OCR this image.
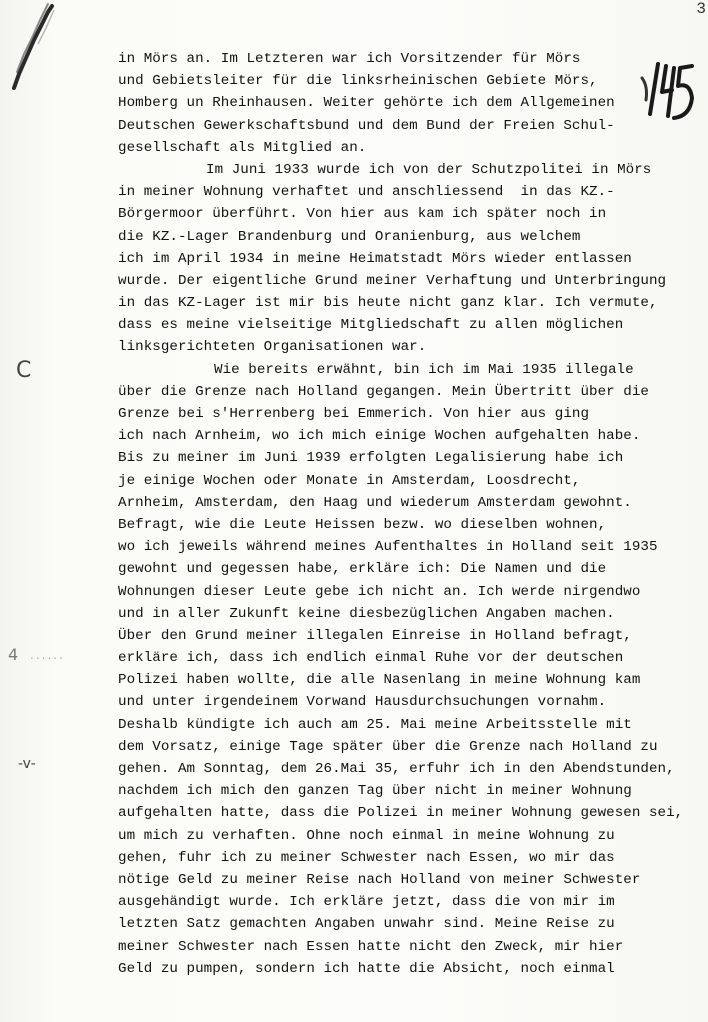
3
C
4 ......
-v-
in Mörs an. Im Letzteren war ich Vorsitzender für Mörs
und Gebietsleiter für die linksrheinischen Gebiete Mörs,
Homberg un Rheinhausen. Weiter gehörte ich dem Allgemeinen
Deutschen Gewerkschaftsbund und dem Bund der Freien Schul-
gesellschaft als Mitglied an.
Im Juni 1933 wurde ich von der Schutzpolitei in Mörs
in meiner Wohnung verhaftet und anschliessend  in das KZ.-
Börgermoor überführt. Von hier aus kam ich später noch in
die KZ.-Lager Brandenburg und Oranienburg, aus welchem
ich im April 1934 in meine Heimatstadt Mörs wieder entlassen
wurde. Der eigentliche Grund meiner Verhaftung und Unterbringung
in das KZ-Lager ist mir bis heute nicht ganz klar. Ich vermute,
dass es meine vielseitige Mitgliedschaft zu allen möglichen
linksgerichteten Organisationen war.
Wie bereits erwähnt, bin ich im Mai 1935 illegale
über die Grenze nach Holland gegangen. Mein Übertritt über die
Grenze bei s'Herrenberg bei Emmerich. Von hier aus ging
ich nach Arnheim, wo ich mich einige Wochen aufgehalten habe.
Bis zu meiner im Juni 1939 erfolgten Legalisierung habe ich
je einige Wochen oder Monate in Amsterdam, Loosdrecht,
Arnheim, Amsterdam, den Haag und wiederum Amsterdam gewohnt.
Befragt, wie die Leute Heissen bezw. wo dieselben wohnen,
wo ich jeweils während meines Aufenthaltes in Holland seit 1935
gewohnt und gegessen habe, erkläre ich: Die Namen und die
Wohnungen dieser Leute gebe ich nicht an. Ich werde nirgendwo
und in aller Zukunft keine diesbezüglichen Angaben machen.
Über den Grund meiner illegalen Einreise in Holland befragt,
erkläre ich, dass ich endlich einmal Ruhe vor der deutschen
Polizei haben wollte, die alle Nasenlang in meine Wohnung kam
und unter irgendeinem Vorwand Hausdurchsuchungen vornahm.
Deshalb kündigte ich auch am 25. Mai meine Arbeitsstelle mit
dem Vorsatz, einige Tage später über die Grenze nach Holland zu
gehen. Am Sonntag, dem 26.Mai 35, erfuhr ich in den Abendstunden,
nachdem ich mich den ganzen Tag über nicht in meiner Wohnung
aufgehalten hatte, dass die Polizei in meiner Wohnung gewesen sei,
um mich zu verhaften. Ohne noch einmal in meine Wohnung zu
gehen, fuhr ich zu meiner Schwester nach Essen, wo mir das
nötige Geld zu meiner Reise nach Holland von meiner Schwester
ausgehändigt wurde. Ich erkläre jetzt, dass die von mir im
letzten Satz gemachten Angaben unwahr sind. Meine Reise zu
meiner Schwester nach Essen hatte nicht den Zweck, mir hier
Geld zu pumpen, sondern ich hatte die Absicht, noch einmal
